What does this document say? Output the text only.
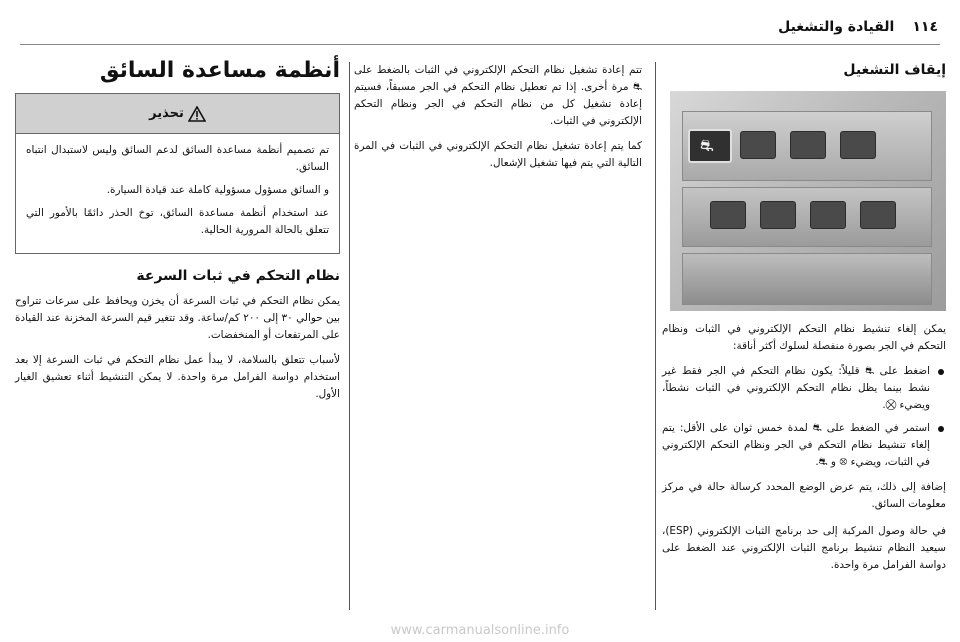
١١٤
القيادة والتشغيل
إيقاف التشغيل
⛐

يمكن إلغاء تنشيط نظام التحكم الإلكتروني في الثبات ونظام التحكم في الجر بصورة منفصلة لسلوك أكثر أناقة:

اضغط على ⛐ قليلاً: يكون نظام التحكم في الجر فقط غير نشط بينما يظل نظام التحكم الإلكتروني في الثبات نشطاً، ويضيء ⛒.
استمر في الضغط على ⛐ لمدة خمس ثوان على الأقل: يتم إلغاء تنشيط نظام التحكم في الجر ونظام التحكم الإلكتروني في الثبات، ويضيء ⛒ و ⛐.

إضافة إلى ذلك، يتم عرض الوضع المحدد كرسالة حالة في مركز معلومات السائق.

في حالة وصول المركبة إلى حد برنامج الثبات الإلكتروني (ESP)، سيعيد النظام تنشيط برنامج الثبات الإلكتروني عند الضغط على دواسة الفرامل مرة واحدة.

تتم إعادة تشغيل نظام التحكم الإلكتروني في الثبات بالضغط على ⛐ مرة أخرى. إذا تم تعطيل نظام التحكم في الجر مسبقاً، فسيتم إعادة تشغيل كل من نظام التحكم في الجر ونظام التحكم الإلكتروني في الثبات.

كما يتم إعادة تشغيل نظام التحكم الإلكتروني في الثبات في المرة التالية التي يتم فيها تشغيل الإشعال.

أنظمة مساعدة السائق
تحذير

تم تصميم أنظمة مساعدة السائق لدعم السائق وليس لاستبدال انتباه السائق.

و السائق مسؤول مسؤولية كاملة عند قيادة السيارة.

عند استخدام أنظمة مساعدة السائق، توخ الحذر دائمًا بالأمور التي تتعلق بالحالة المرورية الحالية.

نظام التحكم في ثبات السرعة

يمكن نظام التحكم في ثبات السرعة أن يخزن ويحافظ على سرعات تتراوح بين حوالي ٣٠ إلى ٢٠٠ كم/ساعة. وقد تتغير قيم السرعة المخزنة عند القيادة على المرتفعات أو المنخفضات.

لأسباب تتعلق بالسلامة، لا يبدأ عمل نظام التحكم في ثبات السرعة إلا بعد استخدام دواسة الفرامل مرة واحدة. لا يمكن التنشيط أثناء تعشيق الغيار الأول.

www.carmanualsonline.info
